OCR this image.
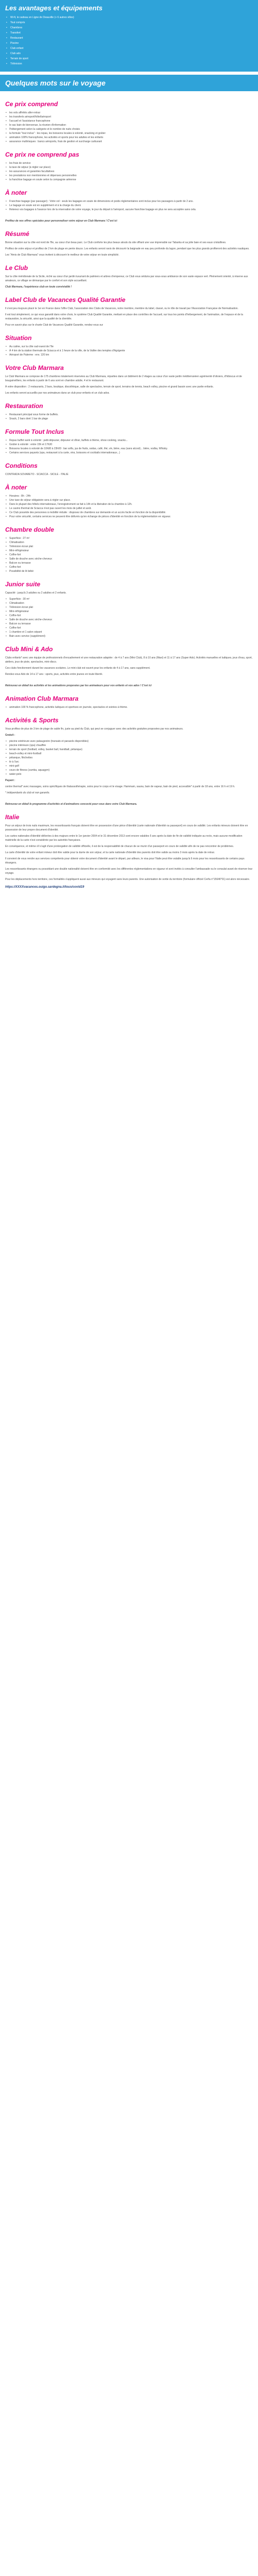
Les avantages et équipements
• Wi-fi, le cadeau en Ligne de Deauville (+ 6 autres villes)
• Tout compris
• Chambres
• Transfert
• Restaurant
• Piscine
• Club enfant
• Club ado
• Terrain de sport
• Télévision
Quelques mots sur le voyage
Ce prix comprend
• les vols affrétés aller-retour
• les transferts aéroport/hôtel/aéroport
• l'accueil et l'assistance francophone
• le sac bain de bienvenue, la réunion d'information
• l'hébergement selon la catégorie et le nombre de nuits choisis
• la formule "tout inclus" : les repas, les boissons locales à volonté, snacking et goûter
• animation 100% francophone, les activités et sports pour les adultes et les enfants
• assurance multirisques : bancs aéroports, frais de gestion et surcharge carburant
Ce prix ne comprend pas
• les frais de service
• la taxe de séjour (à régler sur place)
• les assurances et garanties facultatives
• les prestations non mentionnées et dépenses personnelles
• la franchise bagage en soute selon la compagnie aérienne
À noter
• Franchise bagage (par passager) : Votre vol : seuls les bagages en soute de dimensions et poids réglementaires sont inclus pour les passagers à partir de 2 ans.
• Le bagage en soute est en supplément et à la charge du client.
• Retenez vos bagages à l'avance lors de la réservation de votre voyage, le jour du départ à l'aéroport, aucune franchise bagage en plus ne sera acceptée sans cela.
Profitez de nos offres spéciales pour personnaliser votre séjour en Club Marmara ! C'est ici
Résumé
Bonne situation sur la côte est nord de l'île, au cœur d'un beau parc. Le Club conforte les plus beaux atouts du site offrant une vue imprenable sur Tabarka et sa jolie baie et ses eaux cristallines.
Profitez de votre séjour et profitez de 2 km de plage en pente douce. Les enfants seront ravis de découvrir la baignade en eau peu profonde du lagon, pendant que les plus grands profiteront des activités nautiques.
Les "Amis de Club Marmara" vous invitent à découvrir le meilleur de votre séjour en toute simplicité.
Le Club
Sur la côte méridionale de la Sicile, niché au cœur d'un jardin luxuriant de palmiers et arbres d'empereur, ce Club vous séduira par sous-sous ambiance de son vaste espace vert. Pleinement orienté, à réserve aux amateurs, ce village se démarque par le confort et son style accueillant.
Club Marmara, l'expérience club en toute convivialité !
Label Club de Vacances Qualité Garantie
Il s'est peu toujours placé le 1er en France dans l'offre Club, l'association des Clubs de Vacances, notre membre, membre du label, classé, ou le rôle de travail par l'Association Française de Normalisation.
Il est tout simplement, ce qui vous garantit dans votre choix, le système Club Qualité Garantie, mettant en place des contrôles de l'accueil, sur tous les points d'hébergement, de l'animation, de l'espace et de la restauration, la sécurité, ainsi que la qualité de la clientèle.
Pour en savoir plus sur le charte Club de Vacances Qualité Garantie, rendez-vous sur
Situation
• Au calme, sur la côte sud-ouest de l'île
• À 4 km de la station thermale de Sciacca et à 1 heure de la ville, de la Vallée des temples d'Agrigente
• Aéroport de Palerme : env. 120 km
Votre Club Marmara
Le Club Marmara se compose de 175 chambres totalement réservées au Club Marmara, réparties dans un bâtiment de 2 étages au cœur d'un vaste jardin méditerranéen agrémenté d'oliviers, d'hibiscus et de bougainvilliers, les enfants à partir de 6 ans sont en chambre adulte, 4 et le restaurant.
À votre disposition : 2 restaurants, 2 bars, boutique, discothèque, salle de spectacles, terrain de sport, terrains de tennis, beach volley, piscine et grand bassin avec une partie enfants.
Les enfants seront accueillis par nos animateurs dans un club pour enfants et un club ados.
Restauration
• Restaurant principal sous forme de buffets.
• Snack, 2 bars dont 1 bar de plage
Formule Tout Inclus
• Repas buffet varié à volonté : petit-déjeuner, déjeuner et dîner, buffets à thème, show cooking, snacks...
• Goûter à volonté : entre 15h et 17h30
• Boissons locales à volonté de 10h00 à 23h00 : bar softs, jus de fruits, sodas, café, thé, vin, bière, eau (sans alcool)... bière, vodka, Whisky.
• Certains services payants (spa, restaurant à la carte, vins, boissons et cocktails internationaux...)
Conditions
CONTRADA SOVARETO - SCIACCA - SICILE - ITALIE
À noter
• Horaires : 8h - 24h
• Une taxe de séjour obligatoire sera à régler sur place.
• Dans le plupart des hôtels internationaux, l'enregistrement se fait à 14h et la libération de la chambre à 12h.
• Le casino thermal de Sciacca n'est pas ouvert les mois de juillet et août.
• Ce Club possède des personnes à mobilité réduite : disposez de chambres sur demande et un accès facile en fonction de la disponibilité.
• Pour votre sécurité, certains services ne peuvent être délivrés qu'en échange de pièces d'identité en fonction de la réglementation en vigueur.
Chambre double
• Superficie : 27 m²
• Climatisation
• Télévision écran plat
• Mini-réfrigérateur
• Coffre-fort
• Salle de douche avec sèche-cheveux
• Balcon ou terrasse
• Coffre-fort
• Possibilité de lit bébé
Junior suite
Capacité : jusqu'à 3 adultes ou 2 adultes et 2 enfants.
• Superficie : 30 m²
• Climatisation
• Télévision écran plat
• Mini-réfrigérateur
• Coffre-fort
• Salle de douche avec sèche-cheveux
• Balcon ou terrasse
• Coffre-fort
• 1 chambre et 1 salon séparé
• Bain avec service (supplément)
Club Mini & Ado
Clubs enfants* avec une équipe de professionnels d'encadrement et une restauration adaptée : de 4 à 7 ans (Mini Club), 8 à 10 ans (Maxi) et 11 à 17 ans (Super Ado). Activités manuelles et ludiques, jeux d'eau, sport, ateliers, jeux de piste, spectacles, mini-disco.
Ces clubs fonctionnent durant les vacances scolaires. Le mini-club est ouvert pour les enfants de 4 à 17 ans, sans supplément.
Rendez-vous Ado de 14 à 17 ans : sports, jeux, activités entre jeunes en toute liberté.
Retrouvez en détail les activités et les animations proposées par les animateurs pour vos enfants et vos ados ! C'est ici
Animation Club Marmara
• animation 100 % francophone, activités ludiques et sportives en journée, spectacles et soirées à thème.
Activités & Sports
Vous profitez de plus de 3 km de plage de sable fin, juste au pied du Club, qui peut se conjuguer avec des activités gratuites proposées par nos animateurs.
Gratuit :
• piscine extérieure avec pataugeoire (transats et parasols disponibles)
• piscine intérieure (spa) chauffée
• terrain de sport (football, volley, basket ball, handball, pétanque)
• beach-volley et mini-football
• pétanque, fléchettes
• tir à l'arc
• mini-golf
• cours de fitness (zumba, aquagym)
• water-polo
Payant :
centre thermal* avec massages, soins spécifiques de thalassothérapie, soins pour le corps et le visage. Hammam, sauna, bain de vapeur, bain de pied, accessible* à partir de 18 ans, entre 16 h et 19 h.
* indépendants du club et non garantis.
Retrouvez en détail le programme d'activités et d'animations concocté pour vous dans votre Club Marmara.
Italie
Pour un séjour de trois nuits maximum, les ressortissants français doivent être en possession d'une pièce d'identité (carte nationale d'identité ou passeport) en cours de validité. Les enfants mineurs doivent être en possession de leur propre document d'identité.
Les cartes nationales d'identité délivrées à des majeurs entre le 1er janvier 2004 et le 31 décembre 2013 sont encore valables 5 ans après la date de fin de validité indiquée au recto, mais aucune modification matérielle de la carte n'est considérée par les autorités françaises.
En conséquence, et même s'il s'agit d'une prolongation de validité officielle, il est de la responsabilité de chacun de se munir d'un passeport en cours de validité afin de ne pas rencontrer de problèmes.
La carte d'identité de votre enfant mineur doit être valide pour la durée de son séjour, et la carte nationale d'identité des parents doit être valide au moins 3 mois après la date de retour.
Il convient de vous rendre aux services compétents pour obtenir votre document d'identité avant le départ, par ailleurs, le visa pour l'Italie peut être valable jusqu'à 6 mois pour les ressortissants de certains pays étrangers.
Les ressortissants étrangers ou possédant une double nationalité doivent être en conformité avec les différentes réglementations en vigueur et sont invités à consulter l'ambassade ou le consulat avant de réserver leur voyage.
Pour les déplacements hors territoire, ces formalités s'appliquent aussi aux mineurs qui voyagent sans leurs parents. Une autorisation de sortie du territoire (formulaire officiel Cerfa n°15646*01) est alors nécessaire.
https://XXXXvacances.ouigo.sardegna.it/tous/covid19
